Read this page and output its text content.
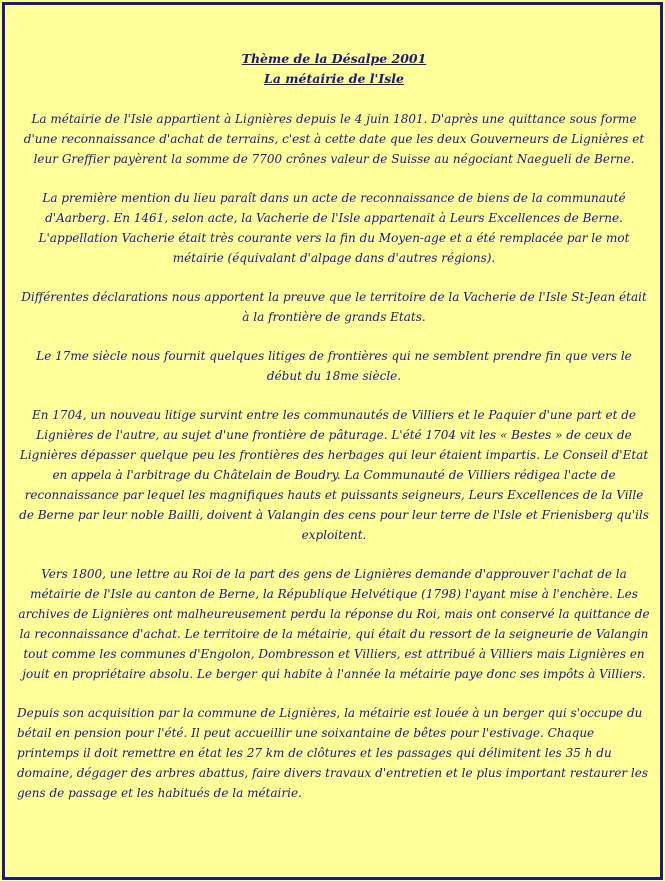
Thème de la Désalpe 2001
La métairie de l'Isle

La métairie de l'Isle appartient à Lignières depuis le 4 juin 1801. D'après une quittance sous forme d'une reconnaissance d'achat de terrains, c'est à cette date que les deux Gouverneurs de Lignières et leur Greffier payèrent la somme de 7700 crônes valeur de Suisse au négociant Naegueli de Berne.

La première mention du lieu paraît dans un acte de reconnaissance de biens de la communauté d'Aarberg. En 1461, selon acte, la Vacherie de l'Isle appartenait à Leurs Excellences de Berne. L'appellation Vacherie était très courante vers la fin du Moyen-age et a été remplacée par le mot métairie (équivalant d'alpage dans d'autres régions).

Différentes déclarations nous apportent la preuve que le territoire de la Vacherie de l'Isle St-Jean était à la frontière de grands Etats.

Le 17me siècle nous fournit quelques litiges de frontières qui ne semblent prendre fin que vers le début du 18me siècle.

En 1704, un nouveau litige survint entre les communautés de Villiers et le Paquier d'une part et de Lignières de l'autre, au sujet d'une frontière de pâturage. L'été 1704 vit les « Bestes » de ceux de Lignières dépasser quelque peu les frontières des herbages qui leur étaient impartis. Le Conseil d'Etat en appela à l'arbitrage du Châtelain de Boudry. La Communauté de Villiers rédigea l'acte de reconnaissance par lequel les magnifiques hauts et puissants seigneurs, Leurs Excellences de la Ville de Berne par leur noble Bailli, doivent à Valangin des cens pour leur terre de l'Isle et Frienisberg qu'ils exploitent.

Vers 1800, une lettre au Roi de la part des gens de Lignières demande d'approuver l'achat de la métairie de l'Isle au canton de Berne, la République Helvétique (1798) l'ayant mise à l'enchère. Les archives de Lignières ont malheureusement perdu la réponse du Roi, mais ont conservé la quittance de la reconnaissance d'achat. Le territoire de la métairie, qui était du ressort de la seigneurie de Valangin tout comme les communes d'Engolon, Dombresson et Villiers, est attribué à Villiers mais Lignières en jouit en propriétaire absolu. Le berger qui habite à l'année la métairie paye donc ses impôts à Villiers.

Depuis son acquisition par la commune de Lignières, la métairie est louée à un berger qui s'occupe du bétail en pension pour l'été. Il peut accueillir une soixantaine de bêtes pour l'estivage. Chaque printemps il doit remettre en état les 27 km de clôtures et les passages qui délimitent les 35 h du domaine, dégager des arbres abattus, faire divers travaux d'entretien et le plus important restaurer les gens de passage et les habitués de la métairie.
